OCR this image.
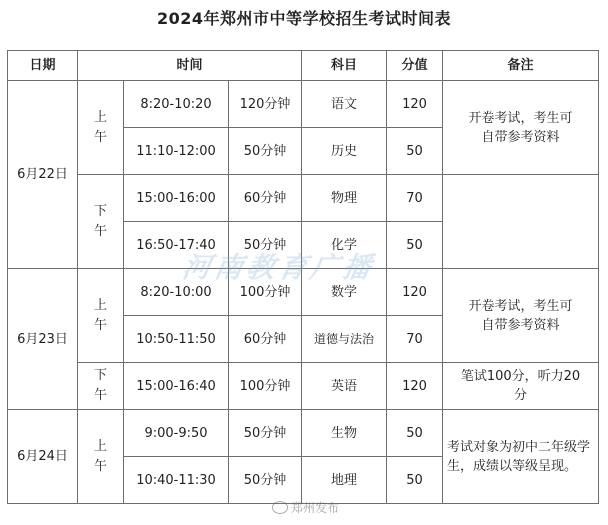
2024年郑州市中等学校招生考试时间表
日期	时间			科目	分值	备注
6月22日	上午	8:20-10:20	120分钟	语文	120	开卷考试，考生可自带参考资料
		11:10-12:00	50分钟	历史	50	
	下午	15:00-16:00	60分钟	物理	70	
		16:50-17:40	50分钟	化学	50	
6月23日	上午	8:20-10:00	100分钟	数学	120	开卷考试，考生可自带参考资料
		10:50-11:50	60分钟	道德与法治	70	
	下午	15:00-16:40	100分钟	英语	120	笔试100分，听力20分
6月24日	上午	9:00-9:50	50分钟	生物	50	考试对象为初中二年级学生，成绩以等级呈现。
		10:40-11:30	50分钟	地理	50	
河南教育广播
郑州发布
